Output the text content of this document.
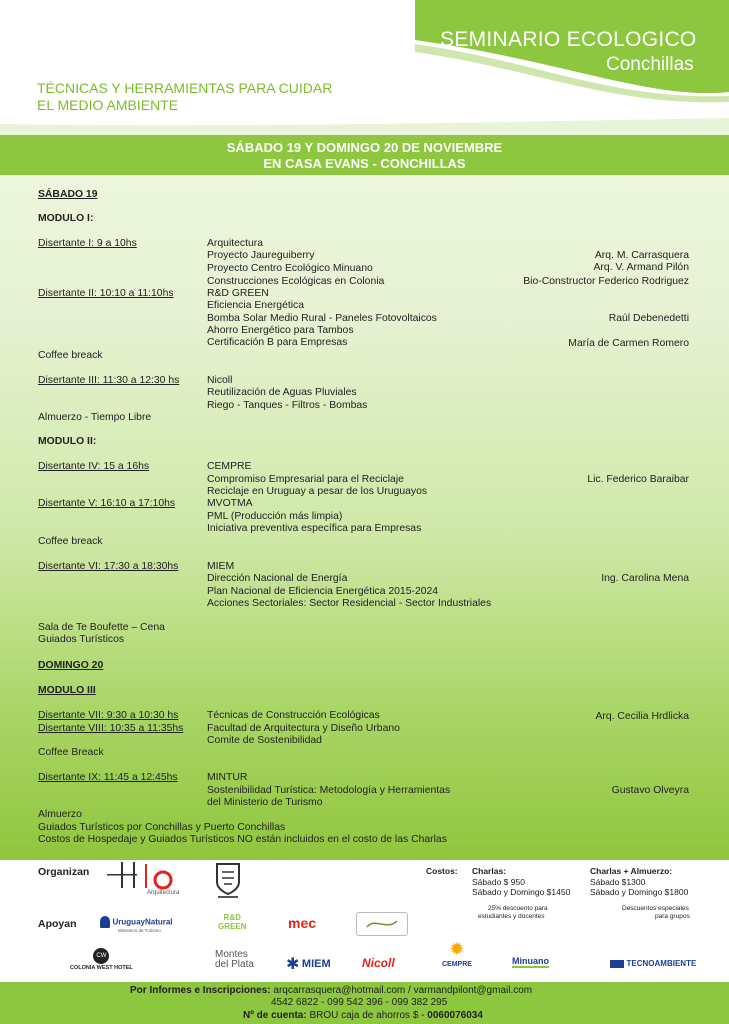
SEMINARIO ECOLOGICO
Conchillas
TÉCNICAS Y HERRAMIENTAS PARA CUIDAR
EL MEDIO AMBIENTE
SÁBADO 19 Y DOMINGO 20 DE NOVIEMBRE
EN CASA EVANS - CONCHILLAS
SÁBADO 19
MODULO I:
Disertante I: 9 a 10hs	Arquitectura
Proyecto Jaureguiberry	Arq. M. Carrasquera
Proyecto Centro Ecológico Minuano	Arq. V. Armand Pilón
Construcciones Ecológicas en Colonia	Bio-Constructor Federico Rodriguez
Disertante II: 10:10 a 11:10hs	R&D GREEN
Eficiencia Energética
Bomba Solar Medio Rural - Paneles Fotovoltaicos	Raúl Debenedetti
Ahorro Energético para Tambos
Certificación B para Empresas	María de Carmen Romero
Coffee breack
Disertante III: 11:30 a 12:30 hs	Nicoll
Reutilización de Aguas Pluviales
Riego - Tanques - Filtros - Bombas
Almuerzo - Tiempo Libre
MODULO II:
Disertante IV: 15 a 16hs	CEMPRE
Compromiso Empresarial para el Reciclaje	Lic. Federico Baraibar
Reciclaje en Uruguay a pesar de los Uruguayos
Disertante V: 16:10 a 17:10hs	MVOTMA
PML (Producción más limpia)
Iniciativa preventiva específica para Empresas
Coffee breack
Disertante VI: 17:30 a 18:30hs	MIEM
Dirección Nacional de Energía	Ing. Carolina Mena
Plan Nacional de Eficiencia Energética 2015-2024
Acciones Sectoriales: Sector Residencial - Sector Industriales
Sala de Te Boufette – Cena
Guiados Turísticos
DOMINGO 20
MODULO III
Disertante VII: 9:30 a 10:30 hs	Técnicas de Construcción Ecológicas	Arq. Cecilia Hrdlicka
Disertante VIII: 10:35 a 11:35hs Facultad de Arquitectura y Diseño Urbano
Comite de Sostenibilidad
Coffee Breack
Disertante IX: 11:45 a 12:45hs	MINTUR
Sostenibilidad Turística: Metodología y Herramientas	Gustavo Olveyra
del Ministerio de Turismo
Almuerzo
Guiados Turísticos por Conchillas y Puerto Conchillas
Costos de Hospedaje y Guiados Turísticos NO están incluidos en el costo de las Charlas
Organizan
Apoyan
Arquitectura
Costos: Charlas:
Sábado $ 950
Sábado y Domingo $1450
25% descuento para
estudiantes y docentes
Charlas + Almuerzo:
Sábado $1300
Sábado y Domingo $1800
Descuentos especiales
para grupos
UruguayNatural
Ministerio de Turismo
R&D
GREEN	mec
CW
COLONIA WEST HOTEL
Montes
del Plata ✱ MIEM	Nicoll
✹
CEMPRE	Minuano	TECNOAMBIENTE
Por Informes e Inscripciones: arqcarrasquera@hotmail.com / varmandpilont@gmail.com
4542 6822 - 099 542 396 - 099 382 295
Nº de cuenta: BROU caja de ahorros $ - 0060076034
